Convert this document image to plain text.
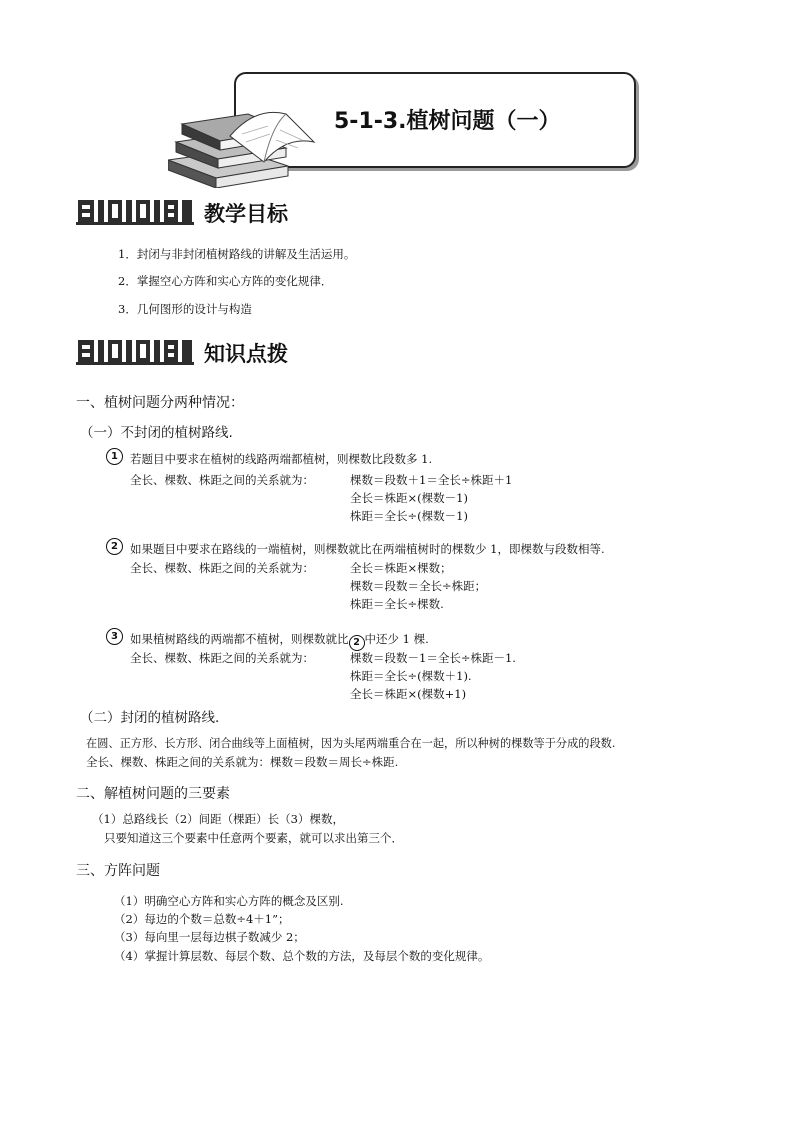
5-1-3.植树问题（一）
教学目标
1．封闭与非封闭植树路线的讲解及生活运用。
2．掌握空心方阵和实心方阵的变化规律．
3．几何图形的设计与构造
知识点拨
一、植树问题分两种情况：
（一）不封闭的植树路线.
1	若题目中要求在植树的线路两端都植树，则棵数比段数多 1.
全长、棵数、株距之间的关系就为：	棵数＝段数＋1＝全长÷株距＋1
全长＝株距×(棵数－1)
株距＝全长÷(棵数－1)
2	如果题目中要求在路线的一端植树，则棵数就比在两端植树时的棵数少 1，即棵数与段数相等.
全长、棵数、株距之间的关系就为：	全长＝株距×棵数；
棵数＝段数＝全长÷株距；
株距＝全长÷棵数.
3	如果植树路线的两端都不植树，则棵数就比 2 中还少 1 棵.
全长、棵数、株距之间的关系就为：	棵数＝段数－1＝全长÷株距－1.
株距＝全长÷(棵数＋1).
全长＝株距×(棵数+1)
（二）封闭的植树路线.
在圆、正方形、长方形、闭合曲线等上面植树，因为头尾两端重合在一起，所以种树的棵数等于分成的段数.
全长、棵数、株距之间的关系就为：棵数＝段数＝周长÷株距.
二、解植树问题的三要素
（1）总路线长（2）间距（棵距）长（3）棵数，
只要知道这三个要素中任意两个要素，就可以求出第三个．
三、方阵问题
（1）明确空心方阵和实心方阵的概念及区别.
（2）每边的个数＝总数÷4＋1”；
（3）每向里一层每边棋子数减少 2；
（4）掌握计算层数、每层个数、总个数的方法，及每层个数的变化规律。
